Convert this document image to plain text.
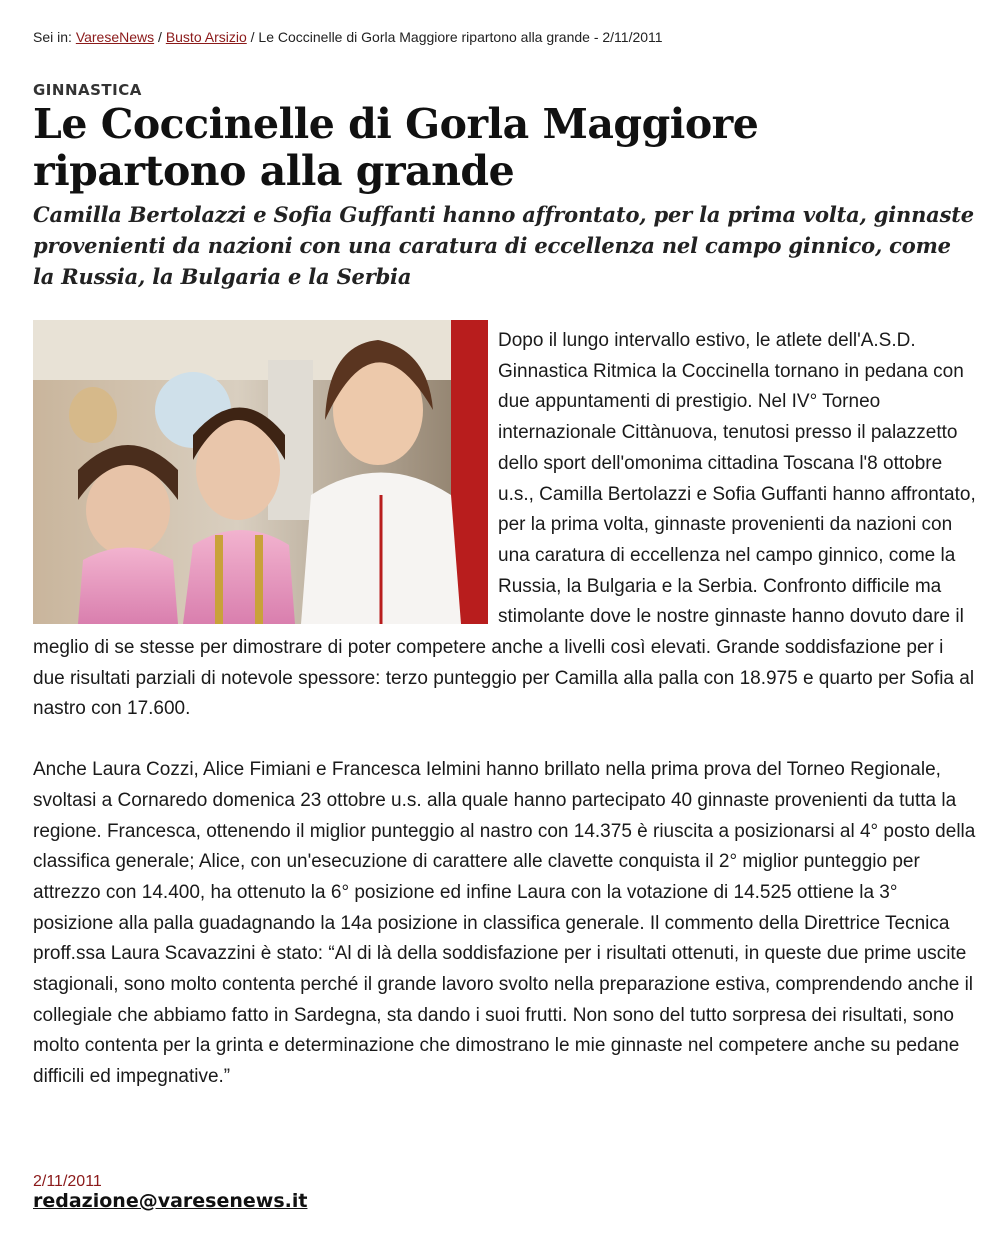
Sei in: VareseNews / Busto Arsizio / Le Coccinelle di Gorla Maggiore ripartono alla grande - 2/11/2011
GINNASTICA
Le Coccinelle di Gorla Maggiore ripartono alla grande

Camilla Bertolazzi e Sofia Guffanti hanno affrontato, per la prima volta, ginnaste provenienti da nazioni con una caratura di eccellenza nel campo ginnico, come la Russia, la Bulgaria e la Serbia

Dopo il lungo intervallo estivo, le atlete dell'A.S.D. Ginnastica Ritmica la Coccinella tornano in pedana con due appuntamenti di prestigio. Nel IV° Torneo internazionale Cittànuova, tenutosi presso il palazzetto dello sport dell'omonima cittadina Toscana l'8 ottobre u.s., Camilla Bertolazzi e Sofia Guffanti hanno affrontato, per la prima volta, ginnaste provenienti da nazioni con una caratura di eccellenza nel campo ginnico, come la Russia, la Bulgaria e la Serbia. Confronto difficile ma stimolante dove le nostre ginnaste hanno dovuto dare il meglio di se stesse per dimostrare di poter competere anche a livelli così elevati. Grande soddisfazione per i due risultati parziali di notevole spessore: terzo punteggio per Camilla alla palla con 18.975 e quarto per Sofia al nastro con 17.600.

Anche Laura Cozzi, Alice Fimiani e Francesca Ielmini hanno brillato nella prima prova del Torneo Regionale, svoltasi a Cornaredo domenica 23 ottobre u.s. alla quale hanno partecipato 40 ginnaste provenienti da tutta la regione. Francesca, ottenendo il miglior punteggio al nastro con 14.375 è riuscita a posizionarsi al 4° posto della classifica generale; Alice, con un'esecuzione di carattere alle clavette conquista il 2° miglior punteggio per attrezzo con 14.400, ha ottenuto la 6° posizione ed infine Laura con la votazione di 14.525 ottiene la 3° posizione alla palla guadagnando la 14a posizione in classifica generale. Il commento della Direttrice Tecnica proff.ssa Laura Scavazzini è stato: “Al di là della soddisfazione per i risultati ottenuti, in queste due prime uscite stagionali, sono molto contenta perché il grande lavoro svolto nella preparazione estiva, comprendendo anche il collegiale che abbiamo fatto in Sardegna, sta dando i suoi frutti. Non sono del tutto sorpresa dei risultati, sono molto contenta per la grinta e determinazione che dimostrano le mie ginnaste nel competere anche su pedane difficili ed impegnative.”

2/11/2011
redazione@varesenews.it
